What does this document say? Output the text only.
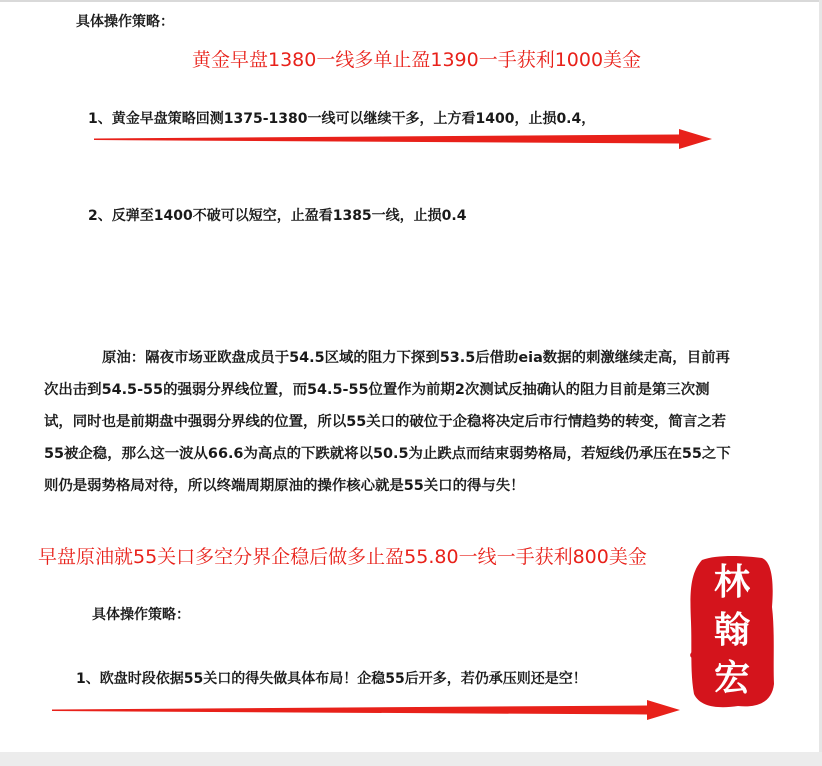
具体操作策略：
黄金早盘1380一线多单止盈1390一手获利1000美金
1、黄金早盘策略回测1375-1380一线可以继续干多，上方看1400，止损0.4，
2、反弹至1400不破可以短空，止盈看1385一线，止损0.4

原油：隔夜市场亚欧盘成员于54.5区域的阻力下探到53.5后借助eia数据的刺激继续走高，目前再次出击到54.5-55的强弱分界线位置，而54.5-55位置作为前期2次测试反抽确认的阻力目前是第三次测试，同时也是前期盘中强弱分界线的位置，所以55关口的破位于企稳将决定后市行情趋势的转变，简言之若55被企稳，那么这一波从66.6为高点的下跌就将以50.5为止跌点而结束弱势格局，若短线仍承压在55之下则仍是弱势格局对待，所以终端周期原油的操作核心就是55关口的得与失！

早盘原油就55关口多空分界企稳后做多止盈55.80一线一手获利800美金

具体操作策略：
1、欧盘时段依据55关口的得失做具体布局！企稳55后开多，若仍承压则还是空！
林
翰
宏
